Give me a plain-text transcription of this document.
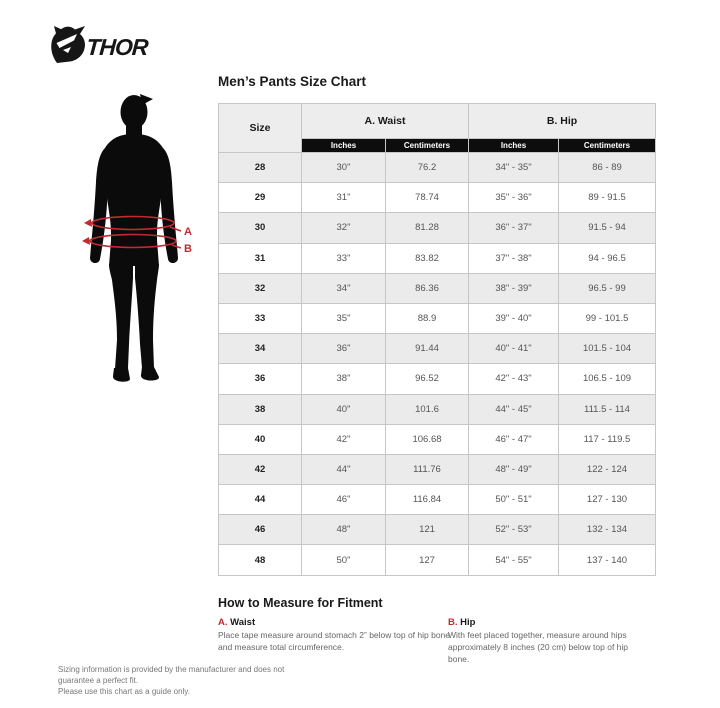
THOR
A
B
Men’s Pants Size Chart
Size	A. Waist		B. Hip	
	Inches	Centimeters	Inches	Centimeters
28	30"	76.2	34" - 35"	86 - 89
29	31"	78.74	35" - 36"	89 - 91.5
30	32"	81.28	36" - 37"	91.5 - 94
31	33"	83.82	37" - 38"	94 - 96.5
32	34"	86.36	38" - 39"	96.5 - 99
33	35"	88.9	39" - 40"	99 - 101.5
34	36"	91.44	40" - 41"	101.5 - 104
36	38"	96.52	42" - 43"	106.5 - 109
38	40"	101.6	44" - 45"	111.5 - 114
40	42"	106.68	46" - 47"	117 - 119.5
42	44"	111.76	48" - 49"	122 - 124
44	46"	116.84	50" - 51"	127 - 130
46	48"	121	52" - 53"	132 - 134
48	50"	127	54" - 55"	137 - 140
How to Measure for Fitment
A. Waist
Place tape measure around stomach 2” below top of hip bone and measure total circumference.
B. Hip
With feet placed together, measure around hips approximately 8 inches (20 cm) below top of hip bone.
Sizing information is provided by the manufacturer and does not guarantee a perfect fit.
Please use this chart as a guide only.
